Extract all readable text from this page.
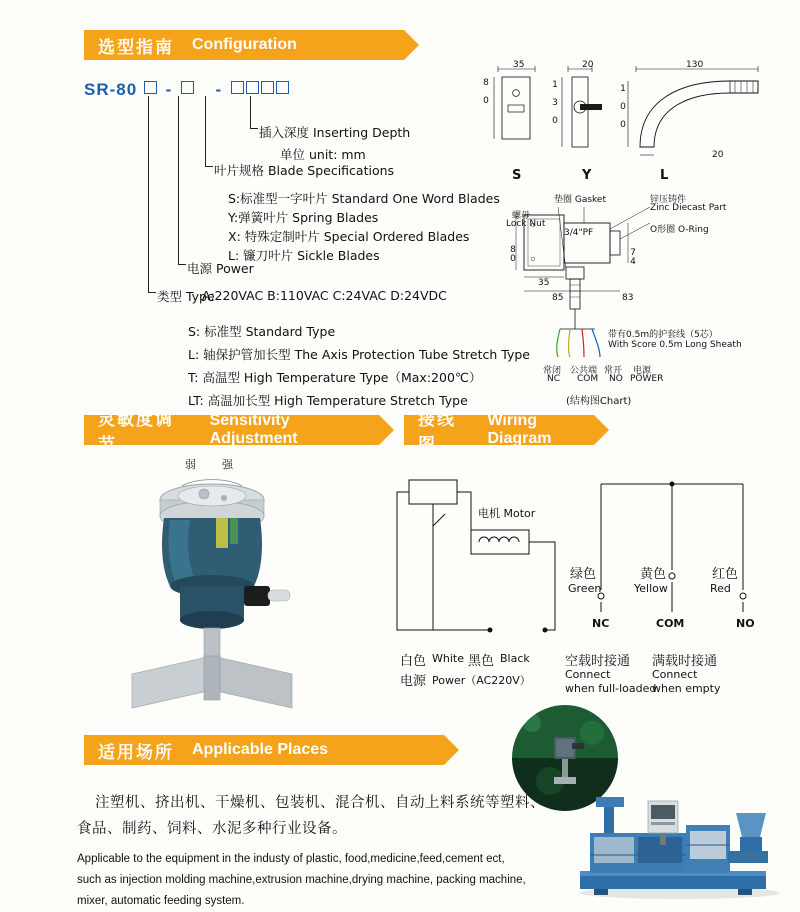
选型指南 Configuration
SR-80 -	-
插入深度 Inserting Depth
单位 unit: mm
叶片规格 Blade Specifications
S:标准型一字叶片 Standard One Word Blades
Y:弹簧叶片 Spring Blades
X: 特殊定制叶片 Special Ordered Blades
L: 镰刀叶片 Sickle Blades
电源 Power
类型 Type
A:220VAC B:110VAC C:24VAC D:24VDC
S: 标准型 Standard Type
L: 轴保护管加长型 The Axis Protection Tube Stretch Type
T: 高温型 High Temperature Type（Max:200℃）
LT: 高温加长型 High Temperature Stretch Type
35
8 0
S
20
1 3 0
Y
130
1 0 0
20
L
垫圈 Gasket	锌压铸件
Zinc Diecast Part
螺母
Lock Nut
O形圈 O-Ring
3/4"PF
80	74
35
85	83
带有0.5m的护套线（5芯）
With Score 0.5m Long Sheath
常闭
NC
公共端
COM
常开
NO
电源
POWER
(结构图Chart)
灵敏度调节
Sensitivity Adjustment
接线图
Wiring Diagram
弱 强
电机 Motor
白色 White 黑色 Black
电源 Power（AC220V）
绿色
Green
黄色
Yellow
红色
Red
NC	COM	NO
空载时接通
Connect
when full-loaded
满载时接通
Connect
when empty
适用场所 Applicable Places
注塑机、挤出机、干燥机、包装机、混合机、自动上料系统等塑料、
食品、制药、饲料、水泥多种行业设备。
Applicable to the equipment in the industy of plastic, food,medicine,feed,cement ect,
such as injection molding machine,extrusion machine,drying machine, packing machine,
mixer, automatic feeding system.
